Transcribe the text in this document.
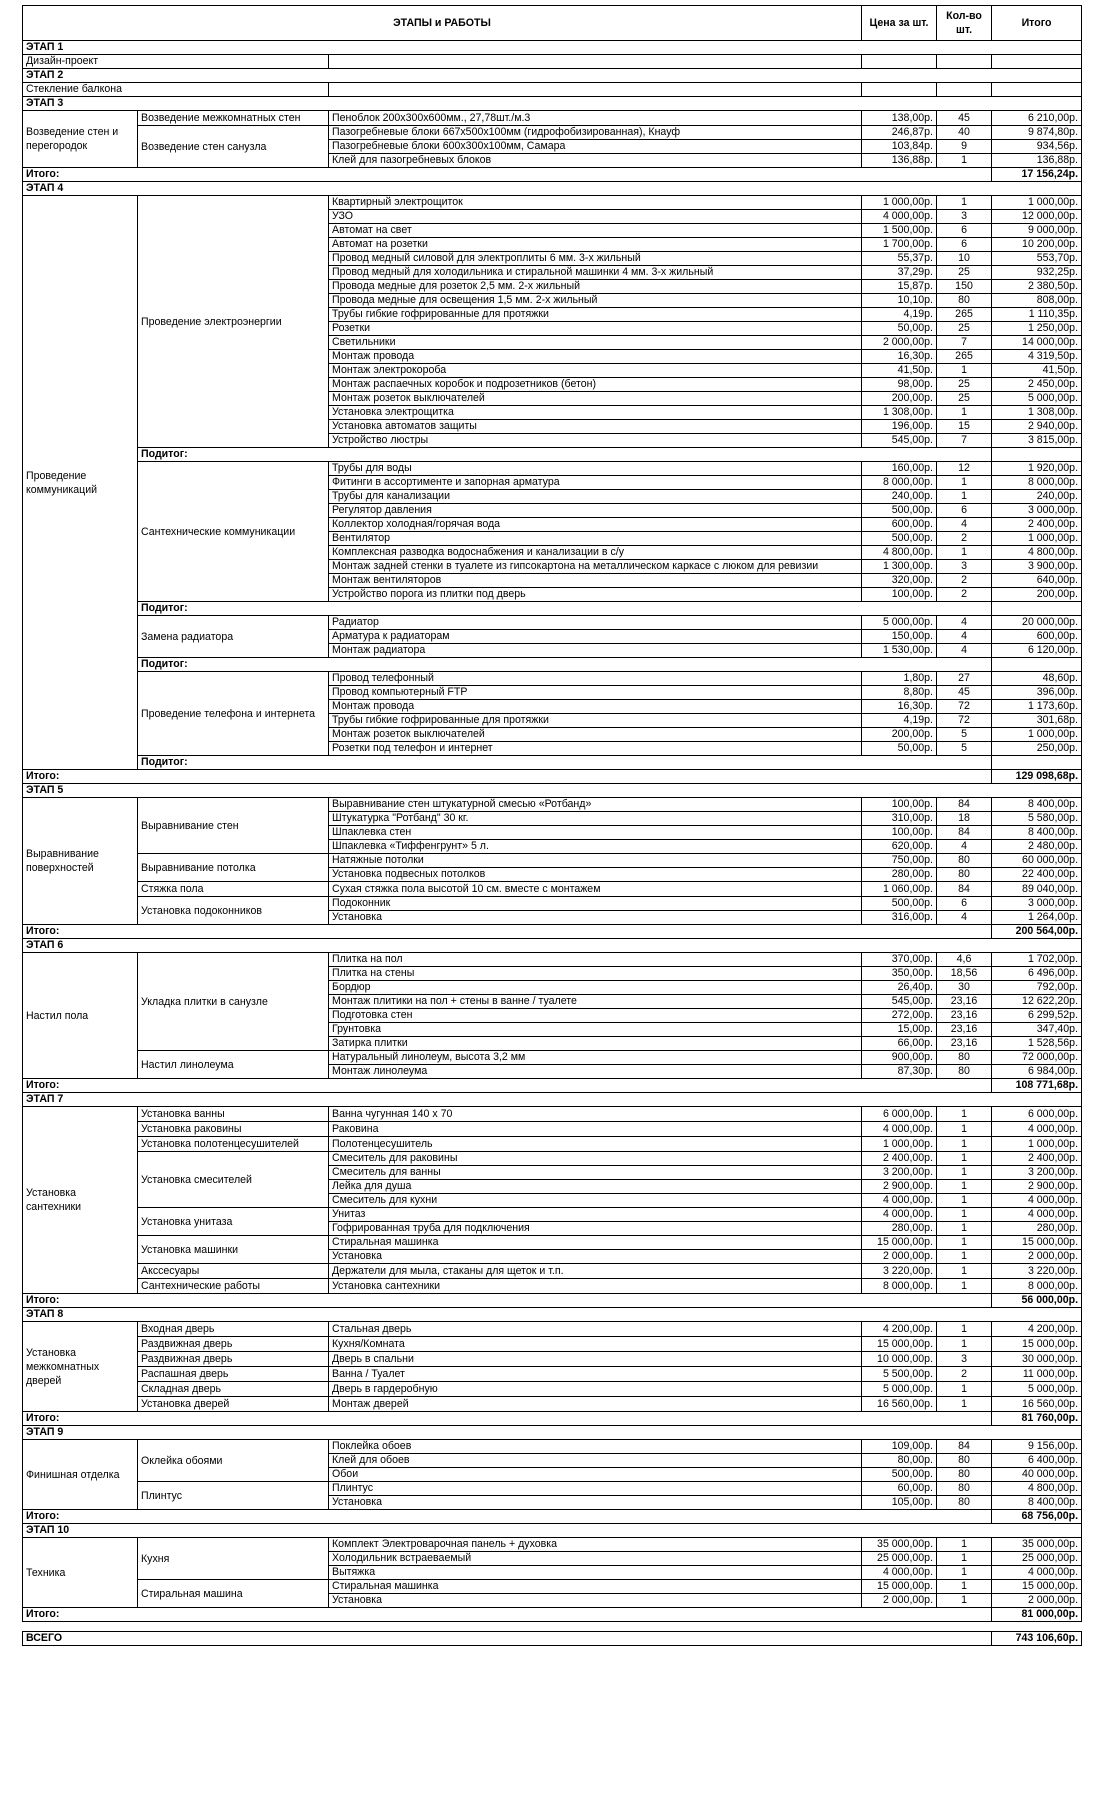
ЭТАПЫ и РАБОТЫ			Цена за шт.	Кол-во шт.	Итого	
ЭТАП 1						
Дизайн-проект						
ЭТАП 2						
Стекление балкона						
ЭТАП 3						
Возведение стен и перегородок	Возведение межкомнатных стен	Пеноблок 200х300х600мм., 27,78шт./м.3	138,00р.	45	6 210,00р.	
	Возведение стен санузла	Пазогребневые блоки 667х500х100мм (гидрофобизированная), Кнауф	246,87р.	40	9 874,80р.	
		Пазогребневые блоки 600х300х100мм, Самара	103,84р.	9	934,56р.	
		Клей для пазогребневых блоков	136,88р.	1	136,88р.	
Итого:					17 156,24р.	
ЭТАП 4						
Проведение коммуникаций	Проведение электроэнергии	Квартирный электрощиток	1 000,00р.	1	1 000,00р.	
		УЗО	4 000,00р.	3	12 000,00р.	
		Автомат на свет	1 500,00р.	6	9 000,00р.	
		Автомат на розетки	1 700,00р.	6	10 200,00р.	
		Провод медный силовой для электроплиты 6 мм. 3-х жильный	55,37р.	10	553,70р.	
		Провод медный для холодильника и стиральной машинки 4 мм. 3-х жильный	37,29р.	25	932,25р.	
		Провода медные для розеток 2,5 мм. 2-х жильный	15,87р.	150	2 380,50р.	
		Провода медные для освещения 1,5 мм. 2-х жильный	10,10р.	80	808,00р.	
		Трубы гибкие гофрированные для протяжки	4,19р.	265	1 110,35р.	
		Розетки	50,00р.	25	1 250,00р.	
		Светильники	2 000,00р.	7	14 000,00р.	
		Монтаж провода	16,30р.	265	4 319,50р.	
		Монтаж электрокороба	41,50р.	1	41,50р.	
		Монтаж распаечных коробок и подрозетников (бетон)	98,00р.	25	2 450,00р.	
		Монтаж розеток выключателей	200,00р.	25	5 000,00р.	
		Установка электрощитка	1 308,00р.	1	1 308,00р.	
		Установка автоматов защиты	196,00р.	15	2 940,00р.	
		Устройство люстры	545,00р.	7	3 815,00р.	
	Подитог:		
	Сантехнические коммуникации	Трубы для воды	160,00р.	12	1 920,00р.	
		Фитинги в ассортименте и запорная арматура	8 000,00р.	1	8 000,00р.	
		Трубы для канализации	240,00р.	1	240,00р.	
		Регулятор давления	500,00р.	6	3 000,00р.	
		Коллектор холодная/горячая вода	600,00р.	4	2 400,00р.	
		Вентилятор	500,00р.	2	1 000,00р.	
		Комплексная разводка водоснабжения и канализации в с/у	4 800,00р.	1	4 800,00р.	
		Монтаж задней стенки в туалете из гипсокартона на металлическом каркасе с люком для ревизии	1 300,00р.	3	3 900,00р.	
		Монтаж вентиляторов	320,00р.	2	640,00р.	
		Устройство порога из плитки под дверь	100,00р.	2	200,00р.	
	Подитог:		
	Замена радиатора	Радиатор	5 000,00р.	4	20 000,00р.	
		Арматура к радиаторам	150,00р.	4	600,00р.	
		Монтаж радиатора	1 530,00р.	4	6 120,00р.	
	Подитог:		
	Проведение телефона и интернета	Провод телефонный	1,80р.	27	48,60р.	
		Провод компьютерный FTP	8,80р.	45	396,00р.	
		Монтаж провода	16,30р.	72	1 173,60р.	
		Трубы гибкие гофрированные для протяжки	4,19р.	72	301,68р.	
		Монтаж розеток выключателей	200,00р.	5	1 000,00р.	
		Розетки под телефон и интернет	50,00р.	5	250,00р.	
	Подитог:		
Итого:					129 098,68р.	
ЭТАП 5						
Выравнивание поверхностей	Выравнивание стен	Выравнивание стен штукатурной смесью «Ротбанд»	100,00р.	84	8 400,00р.	
		Штукатурка "Ротбанд" 30 кг.	310,00р.	18	5 580,00р.	
		Шпаклевка стен	100,00р.	84	8 400,00р.	
		Шпаклевка «Тиффенгрунт» 5 л.	620,00р.	4	2 480,00р.	
	Выравнивание потолка	Натяжные потолки	750,00р.	80	60 000,00р.	
		Установка подвесных потолков	280,00р.	80	22 400,00р.	
	Стяжка пола	Сухая стяжка пола высотой 10 см. вместе с монтажем	1 060,00р.	84	89 040,00р.	
	Установка подоконников	Подоконник	500,00р.	6	3 000,00р.	
		Установка	316,00р.	4	1 264,00р.	
Итого:					200 564,00р.	
ЭТАП 6						
Настил пола	Укладка плитки в санузле	Плитка на пол	370,00р.	4,6	1 702,00р.	
		Плитка на стены	350,00р.	18,56	6 496,00р.	
		Бордюр	26,40р.	30	792,00р.	
		Монтаж плитики на пол + стены в ванне / туалете	545,00р.	23,16	12 622,20р.	
		Подготовка стен	272,00р.	23,16	6 299,52р.	
		Грунтовка	15,00р.	23,16	347,40р.	
		Затирка плитки	66,00р.	23,16	1 528,56р.	
	Настил линолеума	Натуральный линолеум, высота 3,2 мм	900,00р.	80	72 000,00р.	
		Монтаж линолеума	87,30р.	80	6 984,00р.	
Итого:					108 771,68р.	
ЭТАП 7						
Установка сантехники	Установка ванны	Ванна чугунная 140 х 70	6 000,00р.	1	6 000,00р.	
	Установка раковины	Раковина	4 000,00р.	1	4 000,00р.	
	Установка полотенцесушителей	Полотенцесушитель	1 000,00р.	1	1 000,00р.	
	Установка смесителей	Смеситель для раковины	2 400,00р.	1	2 400,00р.	
		Смеситель для ванны	3 200,00р.	1	3 200,00р.	
		Лейка для душа	2 900,00р.	1	2 900,00р.	
		Смеситель для кухни	4 000,00р.	1	4 000,00р.	
	Установка унитаза	Унитаз	4 000,00р.	1	4 000,00р.	
		Гофрированная труба для подключения	280,00р.	1	280,00р.	
	Установка машинки	Стиральная машинка	15 000,00р.	1	15 000,00р.	
		Установка	2 000,00р.	1	2 000,00р.	
	Акссесуары	Держатели для мыла, стаканы для щеток и т.п.	3 220,00р.	1	3 220,00р.	
	Сантехнические работы	Установка сантехники	8 000,00р.	1	8 000,00р.	
Итого:					56 000,00р.	
ЭТАП 8						
Установка межкомнатных дверей	Входная дверь	Стальная дверь	4 200,00р.	1	4 200,00р.	
	Раздвижная дверь	Кухня/Комната	15 000,00р.	1	15 000,00р.	
	Раздвижная дверь	Дверь в спальни	10 000,00р.	3	30 000,00р.	
	Распашная дверь	Ванна / Туалет	5 500,00р.	2	11 000,00р.	
	Складная дверь	Дверь в гардеробную	5 000,00р.	1	5 000,00р.	
	Установка дверей	Монтаж дверей	16 560,00р.	1	16 560,00р.	
Итого:					81 760,00р.	
ЭТАП 9						
Финишная отделка	Оклейка обоями	Поклейка обоев	109,00р.	84	9 156,00р.	
		Клей для обоев	80,00р.	80	6 400,00р.	
		Обои	500,00р.	80	40 000,00р.	
	Плинтус	Плинтус	60,00р.	80	4 800,00р.	
		Установка	105,00р.	80	8 400,00р.	
Итого:					68 756,00р.	
ЭТАП 10						
Техника	Кухня	Комплект Электроварочная панель + духовка	35 000,00р.	1	35 000,00р.	
		Холодильник встраеваемый	25 000,00р.	1	25 000,00р.	
		Вытяжка	4 000,00р.	1	4 000,00р.	
	Стиральная машина	Стиральная машинка	15 000,00р.	1	15 000,00р.	
		Установка	2 000,00р.	1	2 000,00р.	
Итого:					81 000,00р.	

ВСЕГО					743 106,60р.	
